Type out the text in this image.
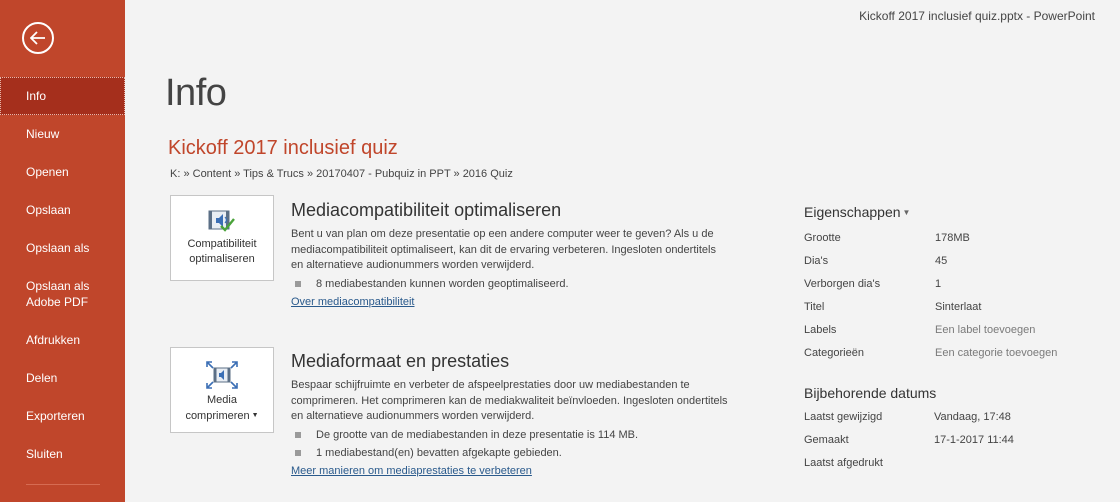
Info
Nieuw
Openen
Opslaan
Opslaan als
Opslaan als Adobe PDF
Afdrukken
Delen
Exporteren
Sluiten
Kickoff 2017 inclusief quiz.pptx - PowerPoint
Info
Kickoff 2017 inclusief quiz
K: » Content » Tips & Trucs » 20170407 - Pubquiz in PPT » 2016 Quiz
Compatibiliteit
optimaliseren
Mediacompatibiliteit optimaliseren
Bent u van plan om deze presentatie op een andere computer weer te geven? Als u de mediacompatibiliteit optimaliseert, kan dit de ervaring verbeteren. Ingesloten ondertitels en alternatieve audionummers worden verwijderd.
8 mediabestanden kunnen worden geoptimaliseerd.
Over mediacompatibiliteit
Media
comprimeren ▼
Mediaformaat en prestaties
Bespaar schijfruimte en verbeter de afspeelprestaties door uw mediabestanden te comprimeren. Het comprimeren kan de mediakwaliteit beïnvloeden. Ingesloten ondertitels en alternatieve audionummers worden verwijderd.
De grootte van de mediabestanden in deze presentatie is 114 MB.
1 mediabestand(en) bevatten afgekapte gebieden.
Meer manieren om mediaprestaties te verbeteren
Eigenschappen ▼
Grootte	178MB
Dia's	45
Verborgen dia's	1
Titel	Sinterlaat
Labels	Een label toevoegen
Categorieën	Een categorie toevoegen
Bijbehorende datums
Laatst gewijzigd	Vandaag, 17:48
Gemaakt	17-1-2017 11:44
Laatst afgedrukt
